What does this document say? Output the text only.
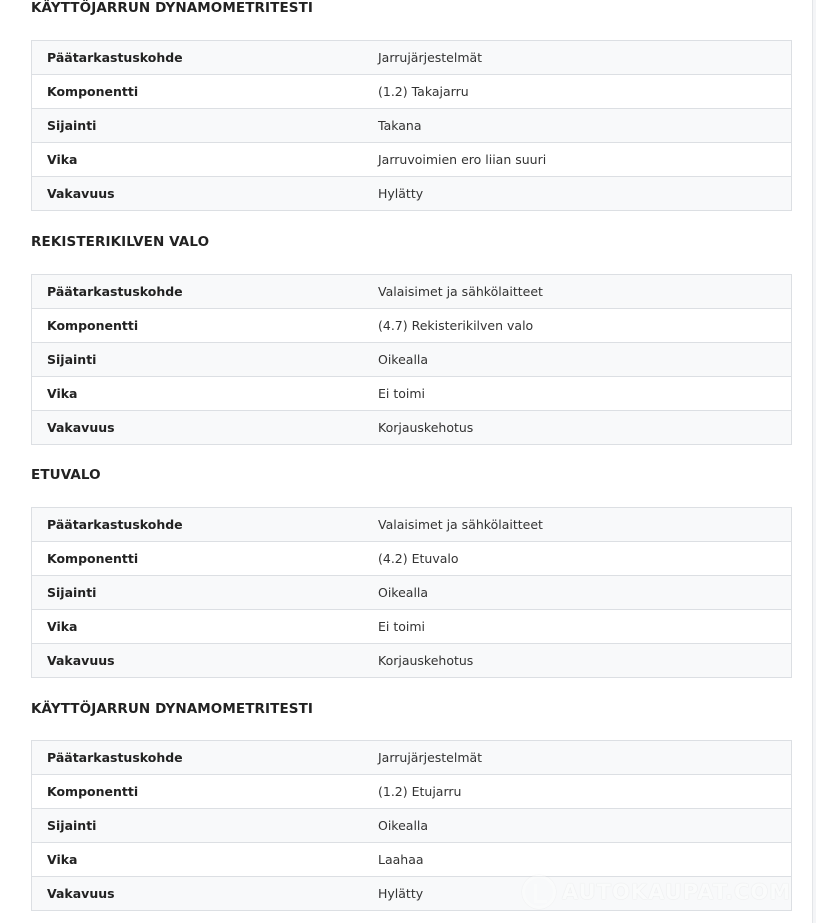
KÄYTTÖJARRUN DYNAMOMETRITESTI
Päätarkastuskohde	Jarrujärjestelmät
Komponentti	(1.2) Takajarru
Sijainti	Takana
Vika	Jarruvoimien ero liian suuri
Vakavuus	Hylätty
REKISTERIKILVEN VALO
Päätarkastuskohde	Valaisimet ja sähkölaitteet
Komponentti	(4.7) Rekisterikilven valo
Sijainti	Oikealla
Vika	Ei toimi
Vakavuus	Korjauskehotus
ETUVALO
Päätarkastuskohde	Valaisimet ja sähkölaitteet
Komponentti	(4.2) Etuvalo
Sijainti	Oikealla
Vika	Ei toimi
Vakavuus	Korjauskehotus
KÄYTTÖJARRUN DYNAMOMETRITESTI
Päätarkastuskohde	Jarrujärjestelmät
Komponentti	(1.2) Etujarru
Sijainti	Oikealla
Vika	Laahaa
Vakavuus	Hylätty	AUTOKAUPAT.COM
